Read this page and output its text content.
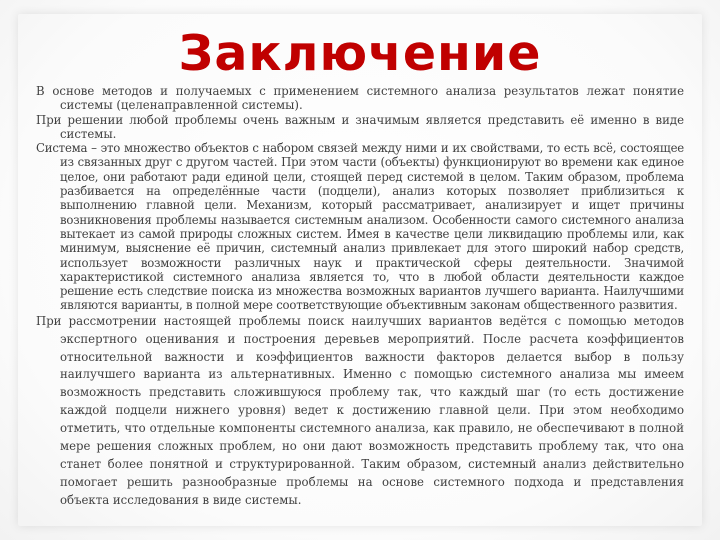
Заключение

В основе методов и получаемых с применением системного анализа результатов лежат понятие системы (целенаправленной системы).

При решении любой проблемы очень важным и значимым является представить её именно в виде системы.

Система – это множество объектов с набором связей между ними и их свойствами, то есть всё, состоящее из связанных друг с другом частей. При этом части (объекты) функционируют во времени как единое целое, они работают ради единой цели, стоящей перед системой в целом. Таким образом, проблема разбивается на определённые части (подцели), анализ которых позволяет приблизиться к выполнению главной цели. Механизм, который рассматривает, анализирует и ищет причины возникновения проблемы называется системным анализом. Особенности самого системного анализа вытекает из самой природы сложных систем. Имея в качестве цели ликвидацию проблемы или, как минимум, выяснение её причин, системный анализ привлекает для этого широкий набор средств, использует возможности различных наук и практической сферы деятельности. Значимой характеристикой системного анализа является то, что в любой области деятельности каждое решение есть следствие поиска из множества возможных вариантов лучшего варианта. Наилучшими являются варианты, в полной мере соответствующие объективным законам общественного развития.

При рассмотрении настоящей проблемы поиск наилучших вариантов ведётся с помощью методов экспертного оценивания и построения деревьев мероприятий. После расчета коэффициентов относительной важности и коэффициентов важности факторов делается выбор в пользу наилучшего варианта из альтернативных. Именно с помощью системного анализа мы имеем возможность представить сложившуюся проблему так, что каждый шаг (то есть достижение каждой подцели нижнего уровня) ведет к достижению главной цели. При этом необходимо отметить, что отдельные компоненты системного анализа, как правило, не обеспечивают в полной мере решения сложных проблем, но они дают возможность представить проблему так, что она станет более понятной и структурированной. Таким образом, системный анализ действительно помогает решить разнообразные проблемы на основе системного подхода и представления объекта исследования в виде системы.
